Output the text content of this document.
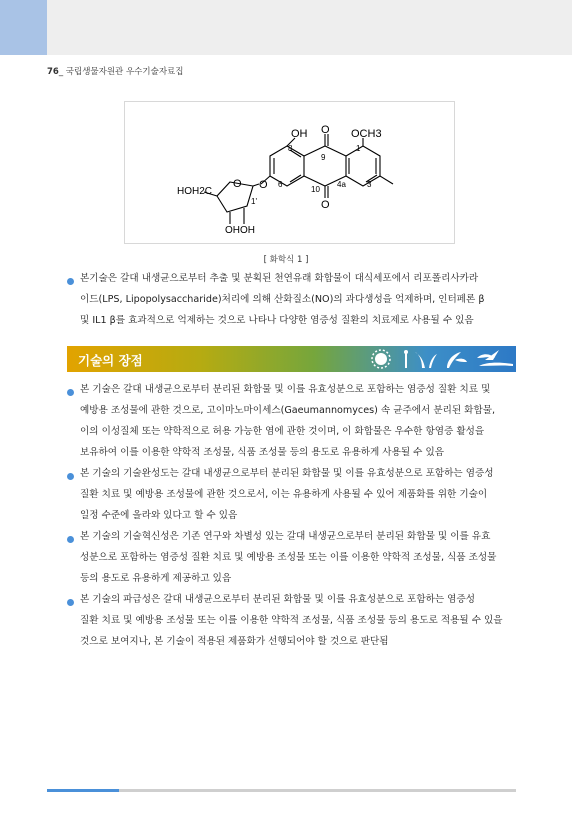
76_ 국립생물자원관 우수기술자료집
OH O OCH3
8
9
1
6
10
4a	3
O
O
O
HOH2C
1'
OHOH
[ 화학식 1 ]
본기술은 갈대 내생균으로부터 추출 및 분획된 천연유래 화합물이 대식세포에서 리포폴리사카라
이드(LPS, Lipopolysaccharide)처리에 의해 산화질소(NO)의 과다생성을 억제하며, 인터페론 β
및 IL1 β를 효과적으로 억제하는 것으로 나타나 다양한 염증성 질환의 치료제로 사용될 수 있음
기술의 장점
본 기술은 갈대 내생균으로부터 분리된 화합물 및 이를 유효성분으로 포함하는 염증성 질환 치료 및
예방용 조성물에 관한 것으로, 고이마노마이세스(Gaeumannomyces) 속 균주에서 분리된 화합물,
이의 이성질체 또는 약학적으로 허용 가능한 염에 관한 것이며, 이 화합물은 우수한 항염증 활성을
보유하여 이를 이용한 약학적 조성물, 식품 조성물 등의 용도로 유용하게 사용될 수 있음
본 기술의 기술완성도는 갈대 내생균으로부터 분리된 화합물 및 이를 유효성분으로 포함하는 염증성
질환 치료 및 예방용 조성물에 관한 것으로서, 이는 유용하게 사용될 수 있어 제품화를 위한 기술이
일정 수준에 올라와 있다고 할 수 있음
본 기술의 기술혁신성은 기존 연구와 차별성 있는 갈대 내생균으로부터 분리된 화합물 및 이를 유효
성분으로 포함하는 염증성 질환 치료 및 예방용 조성물 또는 이를 이용한 약학적 조성물, 식품 조성물
등의 용도로 유용하게 제공하고 있음
본 기술의 파급성은 갈대 내생균으로부터 분리된 화합물 및 이를 유효성분으로 포함하는 염증성
질환 치료 및 예방용 조성물 또는 이를 이용한 약학적 조성물, 식품 조성물 등의 용도로 적용될 수 있을
것으로 보여지나, 본 기술이 적용된 제품화가 선행되어야 할 것으로 판단됨
